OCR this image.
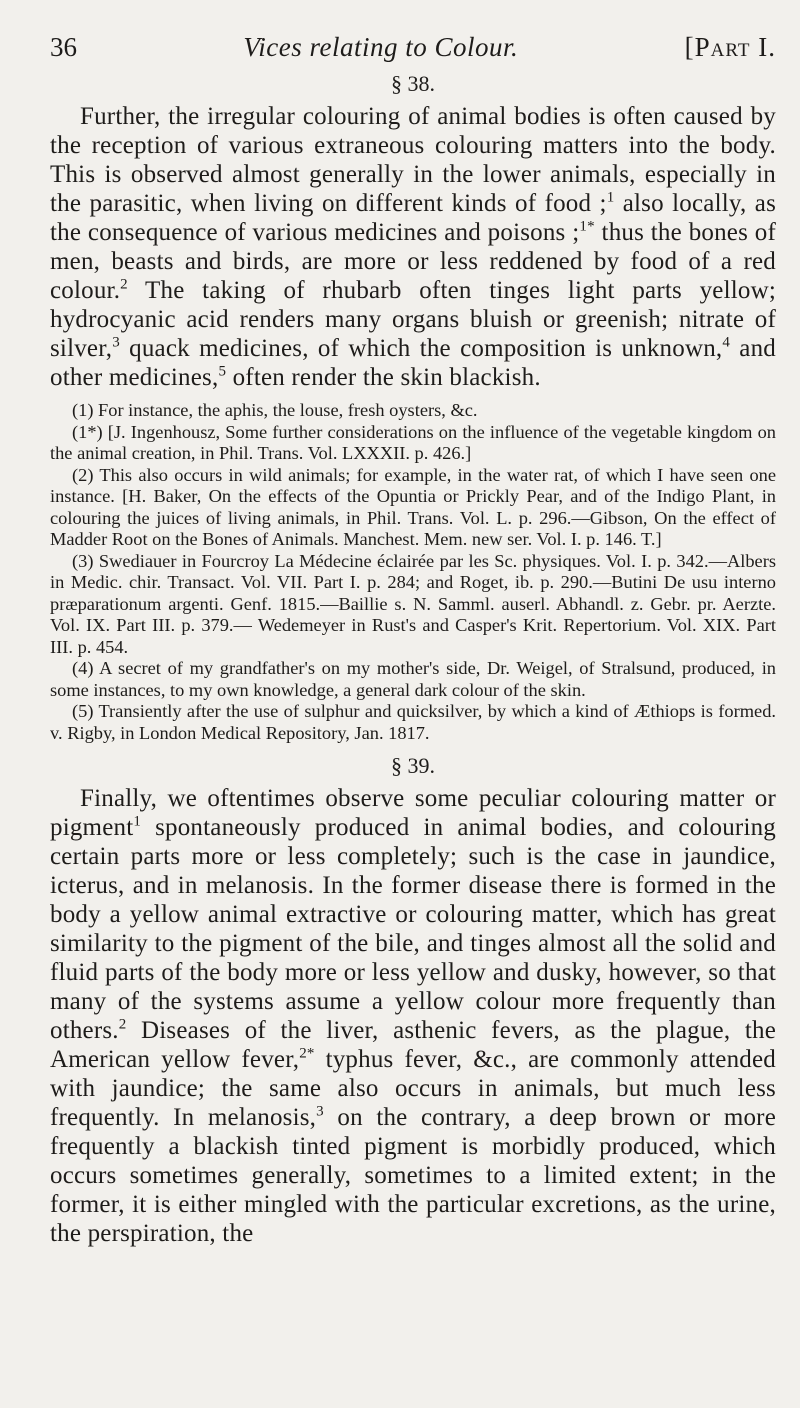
36	Vices relating to Colour.	[Part I.
§ 38.

Further, the irregular colouring of animal bodies is often caused by the reception of various extraneous colouring matters into the body. This is observed almost generally in the lower animals, especially in the parasitic, when living on different kinds of food ;$^1$ also locally, as the consequence of various medicines and poisons ;$^{1*}$ thus the bones of men, beasts and birds, are more or less reddened by food of a red colour.$^2$ The taking of rhubarb often tinges light parts yellow; hydrocyanic acid renders many organs bluish or greenish; nitrate of silver,$^3$ quack medicines, of which the composition is unknown,$^4$ and other medicines,$^5$ often render the skin blackish.

(1) For instance, the aphis, the louse, fresh oysters, &c.

(1*) [J. Ingenhousz, Some further considerations on the influence of the vegetable kingdom on the animal creation, in Phil. Trans. Vol. LXXXII. p. 426.]

(2) This also occurs in wild animals; for example, in the water rat, of which I have seen one instance. [H. Baker, On the effects of the Opuntia or Prickly Pear, and of the Indigo Plant, in colouring the juices of living animals, in Phil. Trans. Vol. L. p. 296.—Gibson, On the effect of Madder Root on the Bones of Animals. Manchest. Mem. new ser. Vol. I. p. 146. T.]

(3) Swediauer in Fourcroy La Médecine éclairée par les Sc. physiques. Vol. I. p. 342.—Albers in Medic. chir. Transact. Vol. VII. Part I. p. 284; and Roget, ib. p. 290.—Butini De usu interno præparationum argenti. Genf. 1815.—Baillie s. N. Samml. auserl. Abhandl. z. Gebr. pr. Aerzte. Vol. IX. Part III. p. 379.— Wedemeyer in Rust's and Casper's Krit. Repertorium. Vol. XIX. Part III. p. 454.

(4) A secret of my grandfather's on my mother's side, Dr. Weigel, of Stralsund, produced, in some instances, to my own knowledge, a general dark colour of the skin.

(5) Transiently after the use of sulphur and quicksilver, by which a kind of Æthiops is formed. v. Rigby, in London Medical Repository, Jan. 1817.

§ 39.

Finally, we oftentimes observe some peculiar colouring matter or pigment$^1$ spontaneously produced in animal bodies, and colouring certain parts more or less completely; such is the case in jaundice, icterus, and in melanosis. In the former disease there is formed in the body a yellow animal extractive or colouring matter, which has great similarity to the pigment of the bile, and tinges almost all the solid and fluid parts of the body more or less yellow and dusky, however, so that many of the systems assume a yellow colour more frequently than others.$^2$ Diseases of the liver, asthenic fevers, as the plague, the American yellow fever,$^{2*}$ typhus fever, &c., are commonly attended with jaundice; the same also occurs in animals, but much less frequently. In melanosis,$^3$ on the contrary, a deep brown or more frequently a blackish tinted pigment is morbidly produced, which occurs sometimes generally, sometimes to a limited extent; in the former, it is either mingled with the particular excretions, as the urine, the perspiration, the
